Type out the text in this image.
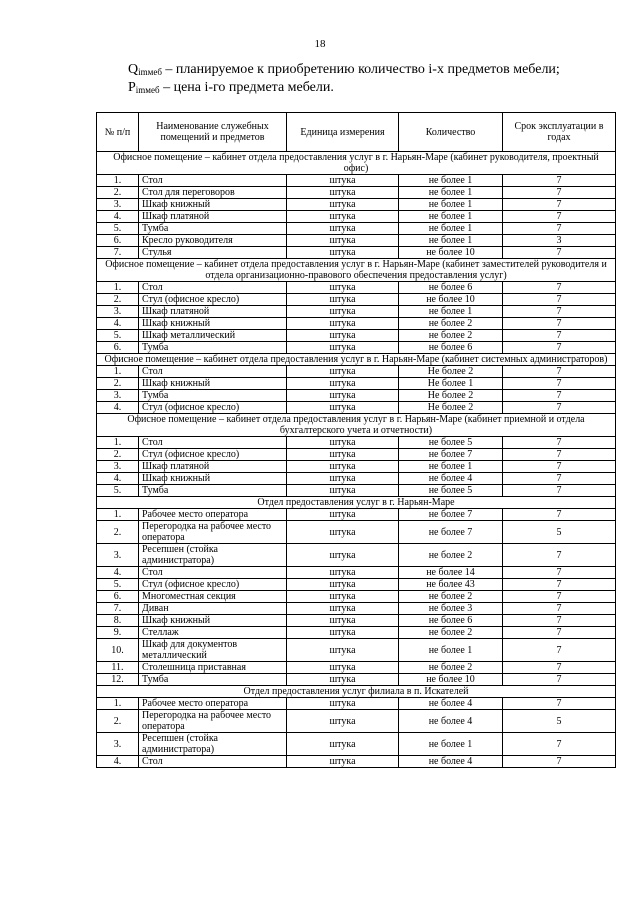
18
$Q_{imмеб}$ – планируемое к приобретению количество i-х предметов мебели;
$P_{imмеб}$ – цена i-го предмета мебели.
№ п/п	Наименование служебных помещений и предметов	Единица измерения	Количество	Срок эксплуатации в годах
Офисное помещение – кабинет отдела предоставления услуг в г. Нарьян-Маре (кабинет руководителя, проектный офис)				
1.	Стол	штука	не более 1	7
2.	Стол для переговоров	штука	не более 1	7
3.	Шкаф книжный	штука	не более 1	7
4.	Шкаф платяной	штука	не более 1	7
5.	Тумба	штука	не более 1	7
6.	Кресло руководителя	штука	не более 1	3
7.	Стулья	штука	не более 10	7
Офисное помещение – кабинет отдела предоставления услуг в г. Нарьян-Маре (кабинет заместителей руководителя и отдела организационно-правового обеспечения предоставления услуг)				
1.	Стол	штука	не более 6	7
2.	Стул (офисное кресло)	штука	не более 10	7
3.	Шкаф платяной	штука	не более 1	7
4.	Шкаф книжный	штука	не более 2	7
5.	Шкаф металлический	штука	не более 2	7
6.	Тумба	штука	не более 6	7
Офисное помещение – кабинет отдела предоставления услуг в г. Нарьян-Маре (кабинет системных администраторов)				
1.	Стол	штука	Не более 2	7
2.	Шкаф книжный	штука	Не более 1	7
3.	Тумба	штука	Не более 2	7
4.	Стул (офисное кресло)	штука	Не более 2	7
Офисное помещение – кабинет отдела предоставления услуг в г. Нарьян-Маре (кабинет приемной и отдела бухгалтерского учета и отчетности)				
1.	Стол	штука	не более 5	7
2.	Стул (офисное кресло)	штука	не более 7	7
3.	Шкаф платяной	штука	не более 1	7
4.	Шкаф книжный	штука	не более 4	7
5.	Тумба	штука	не более 5	7
Отдел предоставления услуг в г. Нарьян-Маре				
1.	Рабочее место оператора	штука	не более 7	7
2.	Перегородка на рабочее место оператора	штука	не более 7	5
3.	Ресепшен (стойка администратора)	штука	не более 2	7
4.	Стол	штука	не более 14	7
5.	Стул (офисное кресло)	штука	не более 43	7
6.	Многоместная секция	штука	не более 2	7
7.	Диван	штука	не более 3	7
8.	Шкаф книжный	штука	не более 6	7
9.	Стеллаж	штука	не более 2	7
10.	Шкаф для документов металлический	штука	не более 1	7
11.	Столешница приставная	штука	не более 2	7
12.	Тумба	штука	не более 10	7
Отдел предоставления услуг филиала в п. Искателей				
1.	Рабочее место оператора	штука	не более 4	7
2.	Перегородка на рабочее место оператора	штука	не более 4	5
3.	Ресепшен (стойка администратора)	штука	не более 1	7
4.	Стол	штука	не более 4	7
